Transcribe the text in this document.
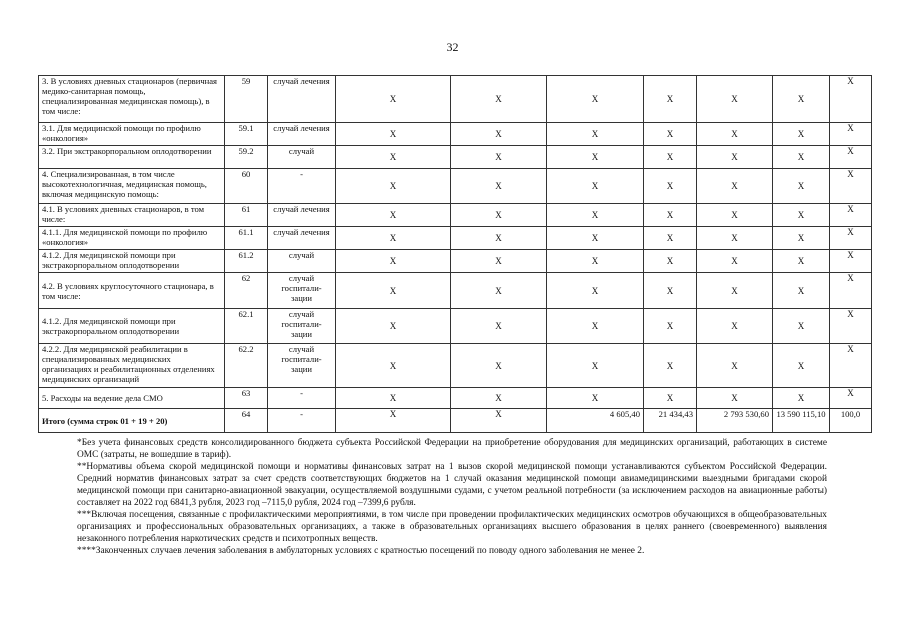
32
3. В условиях дневных стационаров (первичная медико-санитарная помощь, специализированная медицинская помощь), в том числе:	59	случай лечения	X	X	X	X	X	X	X
3.1. Для медицинской помощи по профилю «онкология»	59.1	случай лечения	X	X	X	X	X	X	X
3.2. При экстракорпоральном оплодотворении	59.2	случай	X	X	X	X	X	X	X
4. Специализированная, в том числе высокотехнологичная, медицинская помощь, включая медицинскую помощь:	60	-	X	X	X	X	X	X	X
4.1. В условиях дневных стационаров, в том числе:	61	случай лечения	X	X	X	X	X	X	X
4.1.1. Для медицинской помощи по профилю «онкология»	61.1	случай лечения	X	X	X	X	X	X	X
4.1.2. Для медицинской помощи при экстракорпоральном оплодотворении	61.2	случай	X	X	X	X	X	X	X
4.2. В условиях круглосуточного стационара, в том числе:	62	случай госпитали-зации	X	X	X	X	X	X	X
4.1.2. Для медицинской помощи при экстракорпоральном оплодотворении	62.1	случай госпитали-зации	X	X	X	X	X	X	X
4.2.2. Для медицинской реабилитации в специализированных медицинских организациях и реабилитационных отделениях медицинских организаций	62.2	случай госпитали-зации	X	X	X	X	X	X	X
5. Расходы на ведение дела СМО	63	-	X	X	X	X	X	X	X
Итого (сумма строк 01 + 19 + 20)	64	-	X	X	4 605,40	21 434,43	2 793 530,60	13 590 115,10	100,0

*Без учета финансовых средств консолидированного бюджета субъекта Российской Федерации на приобретение оборудования для медицинских организаций, работающих в системе ОМС (затраты, не вошедшие в тариф).

**Нормативы объема скорой медицинской помощи и нормативы финансовых затрат на 1 вызов скорой медицинской помощи устанавливаются субъектом Российской Федерации. Средний норматив финансовых затрат за счет средств соответствующих бюджетов на 1 случай оказания медицинской помощи авиамедицинскими выездными бригадами скорой медицинской помощи при санитарно-авиационной эвакуации, осуществляемой воздушными судами, с учетом реальной потребности (за исключением расходов на авиационные работы) составляет на 2022 год 6841,3 рубля, 2023 год –7115,0 рубля, 2024 год –7399,6 рубля.

***Включая посещения, связанные с профилактическими мероприятиями, в том числе при проведении профилактических медицинских осмотров обучающихся в общеобразовательных организациях и профессиональных образовательных организациях, а также в образовательных организациях высшего образования в целях раннего (своевременного) выявления незаконного потребления наркотических средств и психотропных веществ.

****Законченных случаев лечения заболевания в амбулаторных условиях с кратностью посещений по поводу одного заболевания не менее 2.
